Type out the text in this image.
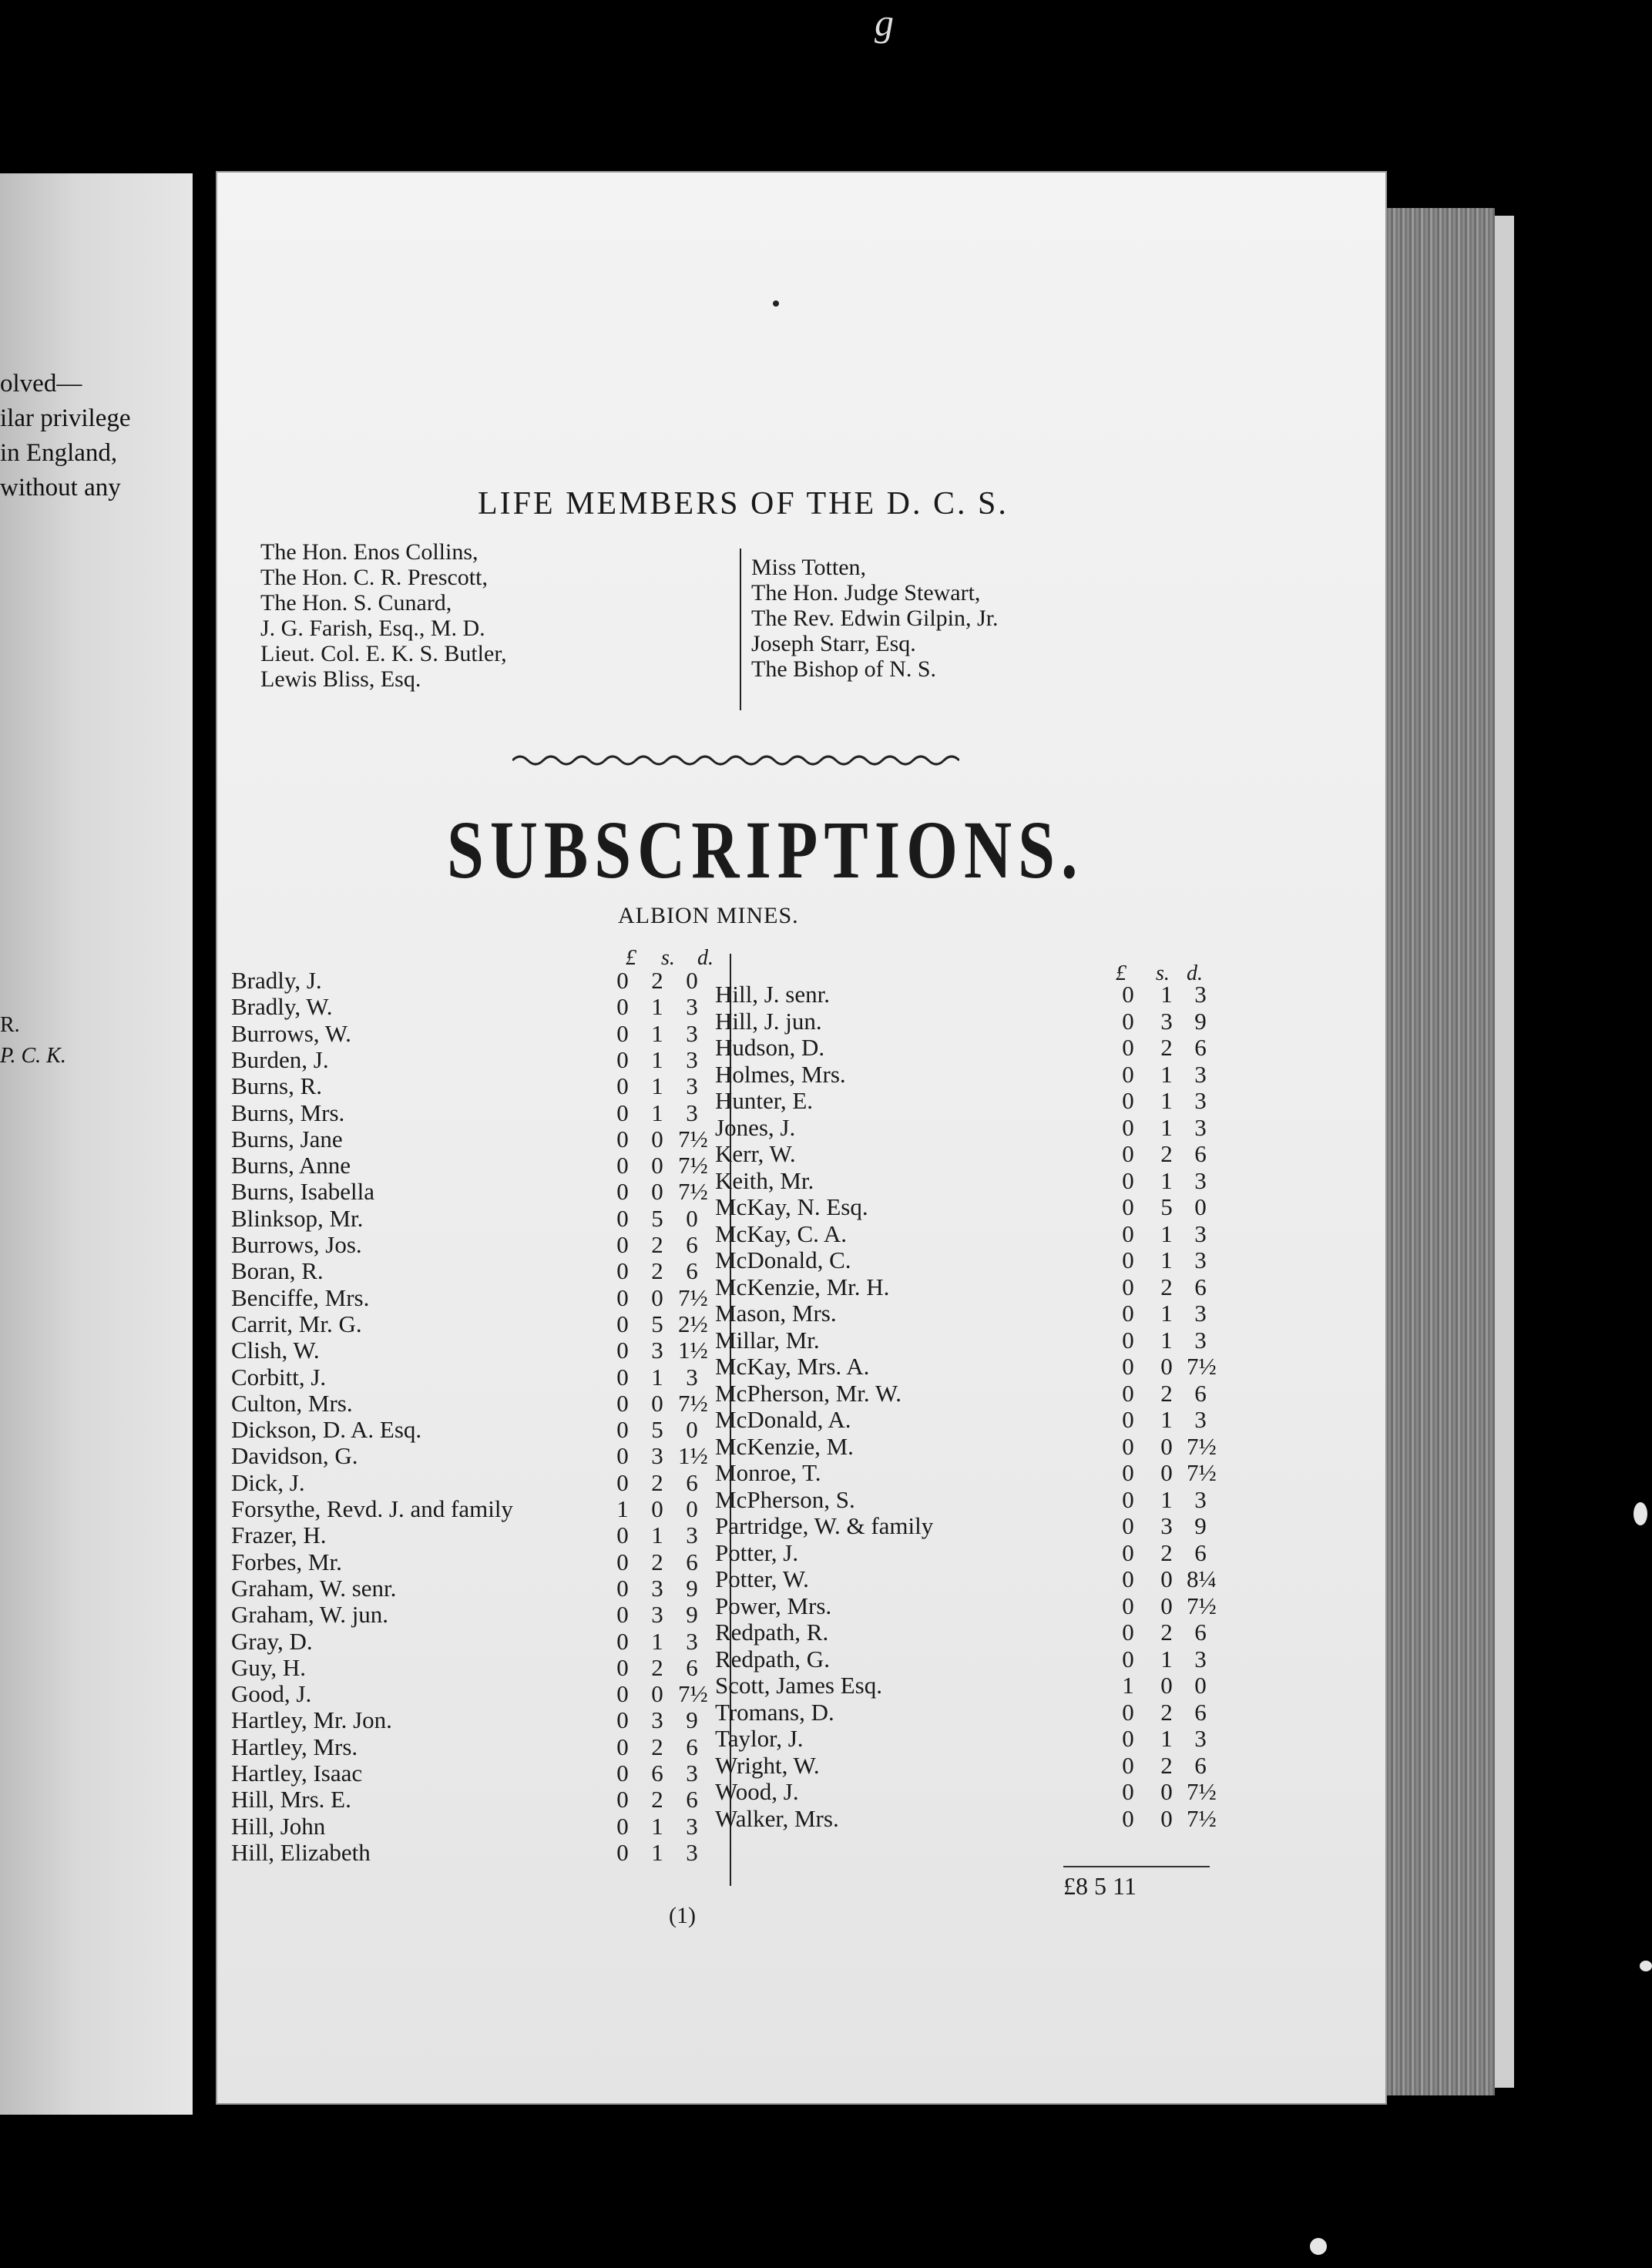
g
olved—
ilar privilege
in England,
without any
R.
P. C. K.
LIFE MEMBERS OF THE D. C. S.
The Hon. Enos Collins,
The Hon. C. R. Prescott,
The Hon. S. Cunard,
J. G. Farish, Esq., M. D.
Lieut. Col. E. K. S. Butler,
Lewis Bliss, Esq.
Miss Totten,
The Hon. Judge Stewart,
The Rev. Edwin Gilpin, Jr.
Joseph Starr, Esq.
The Bishop of N. S.
SUBSCRIPTIONS.
ALBION MINES.
£ s. d.
£ s. d.
Bradly, J.	0 2 0
Bradly, W.	0 1 3
Burrows, W.	0 1 3
Burden, J.	0 1 3
Burns, R.	0 1 3
Burns, Mrs.	0 1 3
Burns, Jane	0 0 7½
Burns, Anne	0 0 7½
Burns, Isabella	0 0 7½
Blinksop, Mr.	0 5 0
Burrows, Jos.	0 2 6
Boran, R.	0 2 6
Benciffe, Mrs.	0 0 7½
Carrit, Mr. G.	0 5 2½
Clish, W.	0 3 1½
Corbitt, J.	0 1 3
Culton, Mrs.	0 0 7½
Dickson, D. A. Esq.	0 5 0
Davidson, G.	0 3 1½
Dick, J.	0 2 6
Forsythe, Revd. J. and family	1 0 0
Frazer, H.	0 1 3
Forbes, Mr.	0 2 6
Graham, W. senr.	0 3 9
Graham, W. jun.	0 3 9
Gray, D.	0 1 3
Guy, H.	0 2 6
Good, J.	0 0 7½
Hartley, Mr. Jon.	0 3 9
Hartley, Mrs.	0 2 6
Hartley, Isaac	0 6 3
Hill, Mrs. E.	0 2 6
Hill, John	0 1 3
Hill, Elizabeth	0 1 3
Hill, J. senr.	0	1 3
Hill, J. jun.	0	3 9
Hudson, D.	0	2 6
Holmes, Mrs.	0	1 3
Hunter, E.	0	1 3
Jones, J.	0	1 3
Kerr, W.	0	2 6
Keith, Mr.	0	1 3
McKay, N. Esq.	0	5 0
McKay, C. A.	0	1 3
McDonald, C.	0	1 3
McKenzie, Mr. H.	0	2 6
Mason, Mrs.	0	1 3
Millar, Mr.	0	1 3
McKay, Mrs. A.	0	0 7½
McPherson, Mr. W.	0	2 6
McDonald, A.	0	1 3
McKenzie, M.	0	0 7½
Monroe, T.	0	0 7½
McPherson, S.	0	1 3
Partridge, W. & family	0	3 9
Potter, J.	0	2 6
Potter, W.	0	0 8¼
Power, Mrs.	0	0 7½
Redpath, R.	0	2 6
Redpath, G.	0	1 3
Scott, James Esq.	1	0 0
Tromans, D.	0	2 6
Taylor, J.	0	1 3
Wright, W.	0	2 6
Wood, J.	0	0 7½
Walker, Mrs.	0	0 7½
£8 5 11
(1)
